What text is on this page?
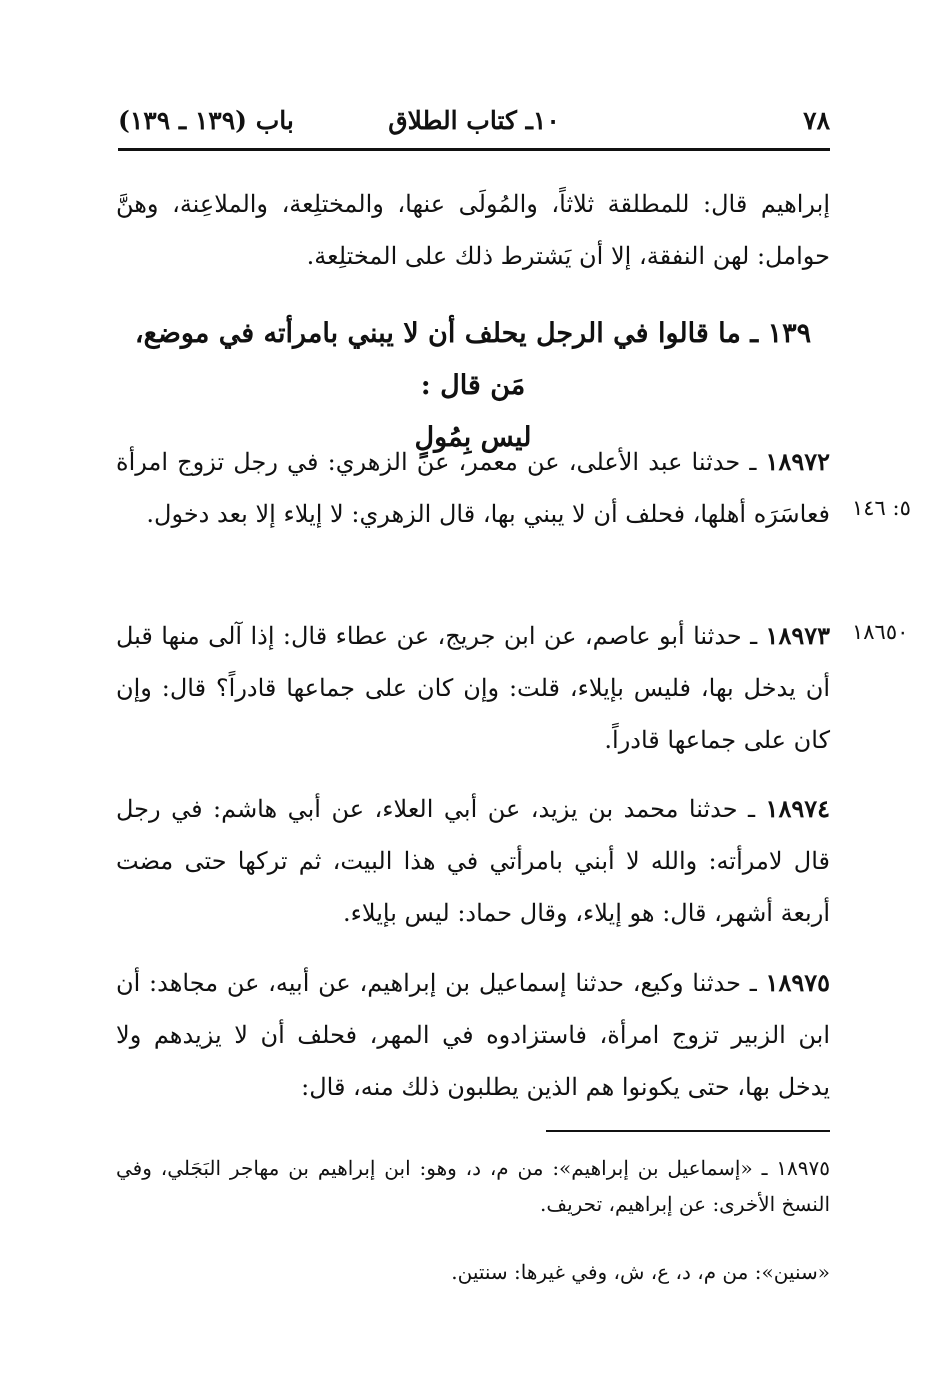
٧٨
١٠ـ كتاب الطلاق
باب (١٣٩ ـ ١٣٩)
إبراهيم قال: للمطلقة ثلاثاً، والمُولَى عنها، والمختلِعة، والملاعِنة، وهنَّ حوامل: لهن النفقة، إلا أن يَشترط ذلك على المختلِعة.
١٣٩ ـ ما قالوا في الرجل يحلف أن لا يبني بامرأته في موضع، مَن قال :
ليس بِمُولٍ
١٨٩٧٢ ـ حدثنا عبد الأعلى، عن معمر، عن الزهري: في رجل تزوج امرأة فعاسَرَه أهلها، فحلف أن لا يبني بها، قال الزهري: لا إيلاء إلا بعد دخول. ٥: ١٤٦
١٨٩٧٣ ـ حدثنا أبو عاصم، عن ابن جريج، عن عطاء قال: إذا آلى منها قبل أن يدخل بها، فليس بإيلاء، قلت: وإن كان على جماعها قادراً؟ قال: وإن كان على جماعها قادراً.
١٨٦٥٠
١٨٩٧٤ ـ حدثنا محمد بن يزيد، عن أبي العلاء، عن أبي هاشم: في رجل قال لامرأته: والله لا أبني بامرأتي في هذا البيت، ثم تركها حتى مضت أربعة أشهر، قال: هو إيلاء، وقال حماد: ليس بإيلاء.
١٨٩٧٥ ـ حدثنا وكيع، حدثنا إسماعيل بن إبراهيم، عن أبيه، عن مجاهد: أن ابن الزبير تزوج امرأة، فاستزادوه في المهر، فحلف أن لا يزيدهم ولا يدخل بها، حتى يكونوا هم الذين يطلبون ذلك منه، قال:
١٨٩٧٥ ـ «إسماعيل بن إبراهيم»: من م، د، وهو: ابن إبراهيم بن مهاجر البَجَلي، وفي النسخ الأخرى: عن إبراهيم، تحريف.
«سنين»: من م، د، ع، ش، وفي غيرها: سنتين.
